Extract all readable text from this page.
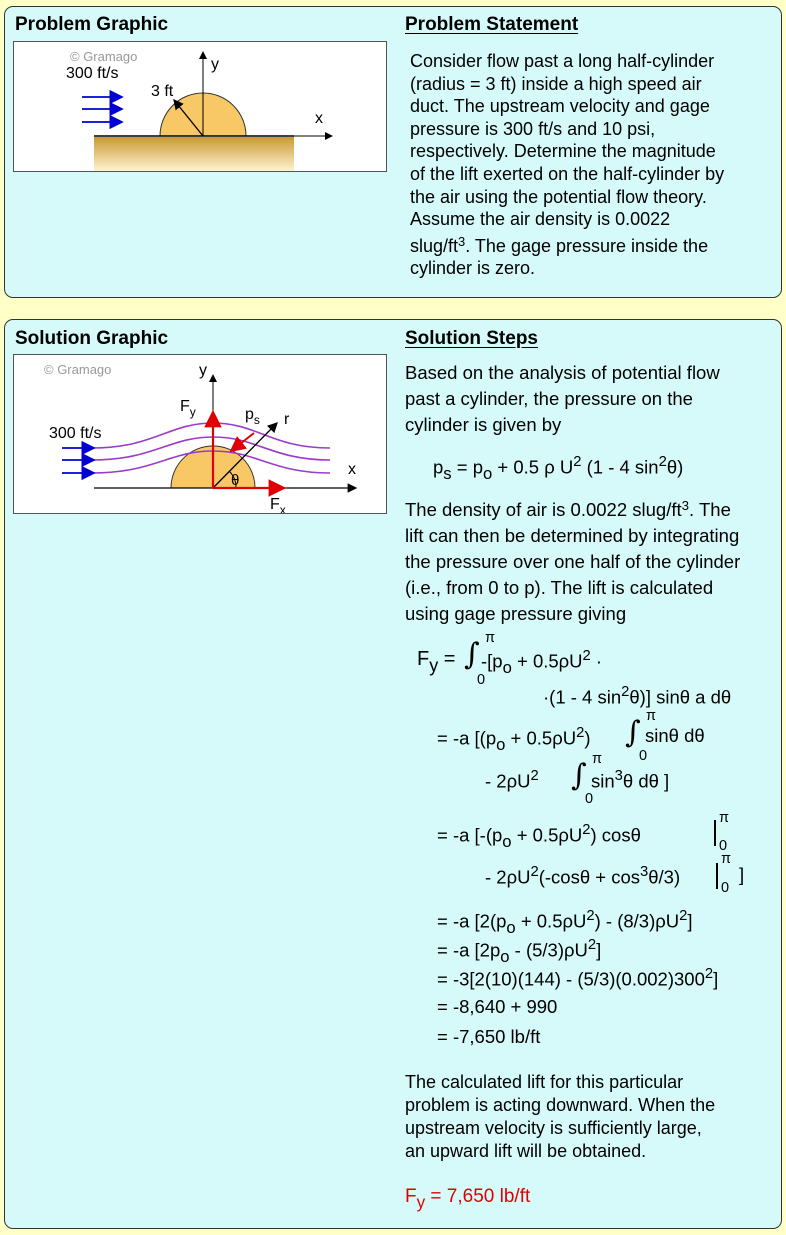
Problem Graphic	Problem Statement
© Gramago
300 ft/s
3 ft
y
x
Consider flow past a long half-cylinder
(radius = 3 ft) inside a high speed air
duct. The upstream velocity and gage
pressure is 300 ft/s and 10 psi,
respectively. Determine the magnitude
of the lift exerted on the half-cylinder by
the air using the potential flow theory.
Assume the air density is 0.0022
slug/$ft^3$. The gage pressure inside the
cylinder is zero.
Solution Graphic	Solution Steps
© Gramago
300 ft/s
y
x
$F_y$
$F_x$
$p_s$ r
θ
Based on the analysis of potential flow
past a cylinder, the pressure on the
cylinder is given by
ps = po + 0.5 ρ $U^2$ (1 - 4 $\sin^2\theta$)
The density of air is 0.0022 slug/$ft^3$. The
lift can then be determined by integrating
the pressure over one half of the cylinder
(i.e., from 0 to p). The lift is calculated
using gage pressure giving
Fy = ∫ π
0
$-[po + 0.5\rho U^2$ ·
·(1 - 4 $\sin^2\theta$)] sinθ a dθ
= -a [$(po + 0.5\rho U^2)$ ∫ π
0
sinθ dθ
- $2\rho U^2$ ∫ π
0
$\sin^3\theta$ dθ ]
= -a [$-(po + 0.5\rho U^2)$ cosθ
π
0
- $2\rho U^2$(-cosθ + $\cos^3\theta/3$)
π
0
]
= -a $[2(po + 0.5\rho U^2) - (8/3)\rho U^2]$
= -a $[2po - (5/3)\rho U^2]$
= $-3[2(10)(144) - (5/3)(0.002)300^2]$
= -8,640 + 990
= -7,650 lb/ft
The calculated lift for this particular
problem is acting downward. When the
upstream velocity is sufficiently large,
an upward lift will be obtained.
Fy = 7,650 lb/ft
